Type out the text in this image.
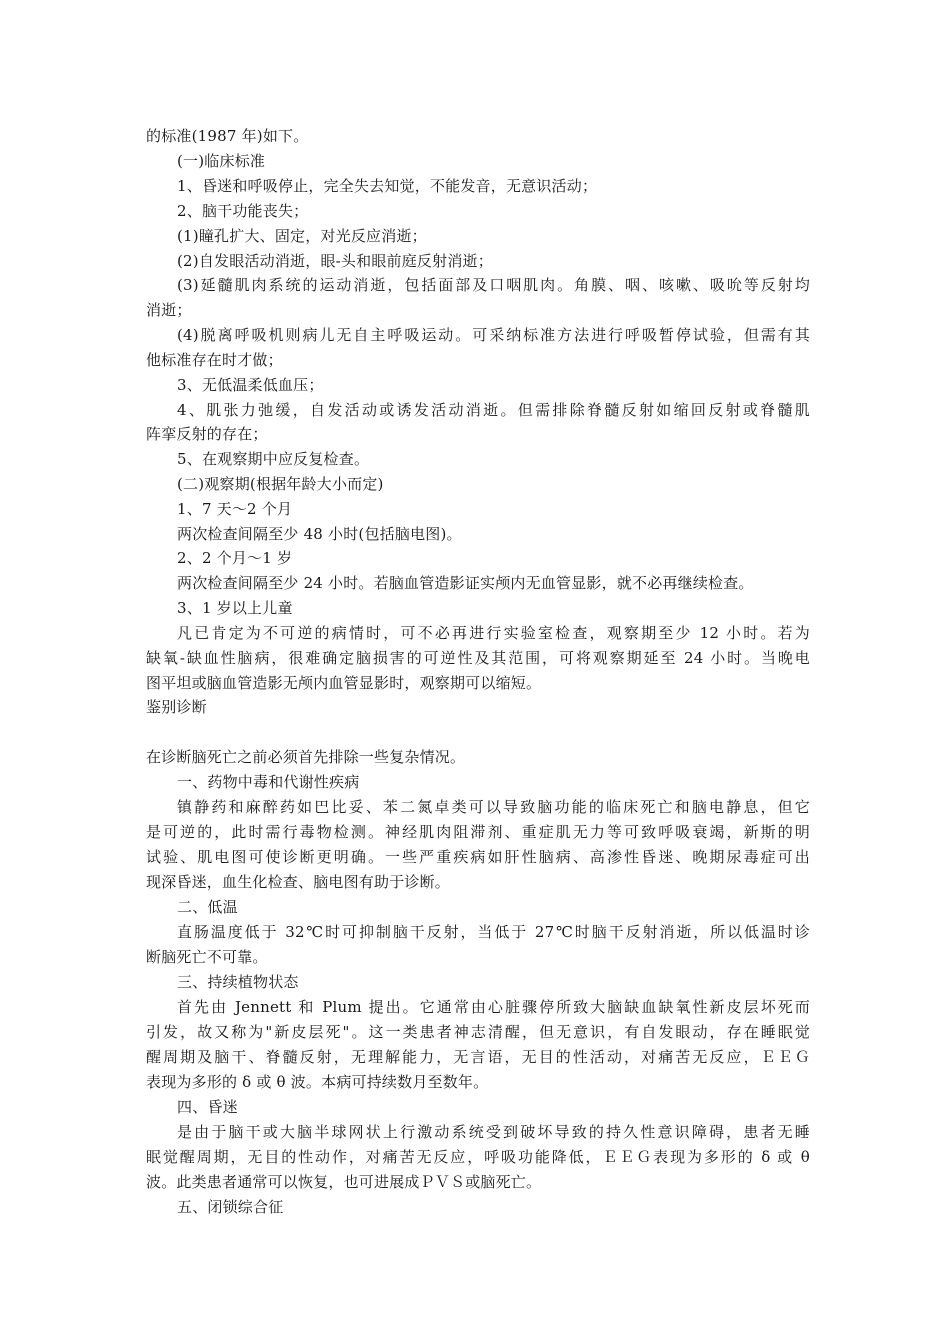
的标准(1987 年)如下。
(一)临床标准
1、昏迷和呼吸停止，完全失去知觉，不能发音，无意识活动；
2、脑干功能丧失；
(1)瞳孔扩大、固定，对光反应消逝；
(2)自发眼活动消逝，眼-头和眼前庭反射消逝；
(3)延髓肌肉系统的运动消逝，包括面部及口咽肌肉。角膜、咽、咳嗽、吸吮等反射均
消逝；
(4)脱离呼吸机则病儿无自主呼吸运动。可采纳标准方法进行呼吸暂停试验，但需有其
他标准存在时才做；
3、无低温柔低血压；
4、肌张力弛缓，自发活动或诱发活动消逝。但需排除脊髓反射如缩回反射或脊髓肌
阵挛反射的存在；
5、在观察期中应反复检查。
(二)观察期(根据年龄大小而定)
1、7 天～2 个月
两次检查间隔至少 48 小时(包括脑电图)。
2、2 个月～1 岁
两次检查间隔至少 24 小时。若脑血管造影证实颅内无血管显影，就不必再继续检查。
3、1 岁以上儿童
凡已肯定为不可逆的病情时，可不必再进行实验室检查，观察期至少 12 小时。若为
缺氧-缺血性脑病，很难确定脑损害的可逆性及其范围，可将观察期延至 24 小时。当晚电
图平坦或脑血管造影无颅内血管显影时，观察期可以缩短。
鉴别诊断
在诊断脑死亡之前必须首先排除一些复杂情况。
一、药物中毒和代谢性疾病
镇静药和麻醉药如巴比妥、苯二氮卓类可以导致脑功能的临床死亡和脑电静息，但它
是可逆的，此时需行毒物检测。神经肌肉阻滞剂、重症肌无力等可致呼吸衰竭，新斯的明
试验、肌电图可使诊断更明确。一些严重疾病如肝性脑病、高渗性昏迷、晚期尿毒症可出
现深昏迷，血生化检查、脑电图有助于诊断。
二、低温
直肠温度低于 32℃时可抑制脑干反射，当低于 27℃时脑干反射消逝，所以低温时诊
断脑死亡不可靠。
三、持续植物状态
首先由 Jennett 和 Plum 提出。它通常由心脏骤停所致大脑缺血缺氧性新皮层坏死而
引发，故又称为"新皮层死"。这一类患者神志清醒，但无意识，有自发眼动，存在睡眠觉
醒周期及脑干、脊髓反射，无理解能力，无言语，无目的性活动，对痛苦无反应，ＥＥＧ
表现为多形的 δ 或 θ 波。本病可持续数月至数年。
四、昏迷
是由于脑干或大脑半球网状上行激动系统受到破坏导致的持久性意识障碍，患者无睡
眠觉醒周期，无目的性动作，对痛苦无反应，呼吸功能降低，ＥＥＧ表现为多形的 δ 或 θ
波。此类患者通常可以恢复，也可进展成ＰＶＳ或脑死亡。
五、闭锁综合征
